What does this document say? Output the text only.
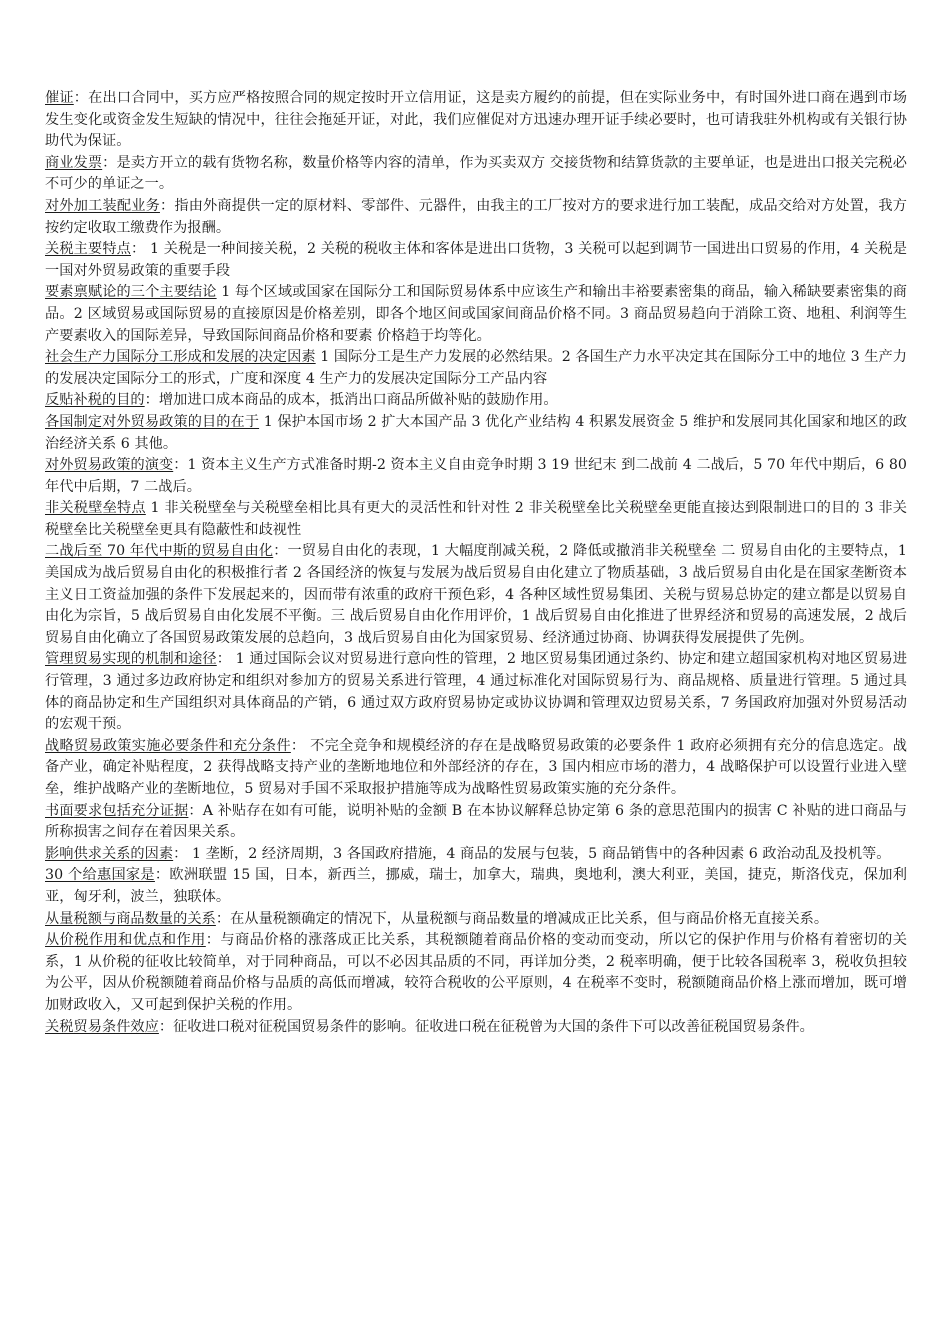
催证：在出口合同中，买方应严格按照合同的规定按时开立信用证，这是卖方履约的前提，但在实际业务中，有时国外进口商在遇到市场发生变化或资金发生短缺的情况中，往往会拖延开证，对此，我们应催促对方迅速办理开证手续必要时，也可请我驻外机构或有关银行协助代为保证。

商业发票：是卖方开立的载有货物名称，数量价格等内容的清单，作为买卖双方 交接货物和结算货款的主要单证，也是进出口报关完税必不可少的单证之一。

对外加工装配业务：指由外商提供一定的原材料、零部件、元器件，由我主的工厂按对方的要求进行加工装配，成品交给对方处置，我方按约定收取工缴费作为报酬。

关税主要特点： 1 关税是一种间接关税，2 关税的税收主体和客体是进出口货物，3 关税可以起到调节一国进出口贸易的作用，4 关税是一国对外贸易政策的重要手段

要素禀赋论的三个主要结论 1 每个区域或国家在国际分工和国际贸易体系中应该生产和输出丰裕要素密集的商品，输入稀缺要素密集的商品。2 区域贸易或国际贸易的直接原因是价格差别，即各个地区间或国家间商品价格不同。3 商品贸易趋向于消除工资、地租、利润等生产要素收入的国际差异，导致国际间商品价格和要素 价格趋于均等化。

社会生产力国际分工形成和发展的决定因素 1 国际分工是生产力发展的必然结果。2 各国生产力水平决定其在国际分工中的地位 3 生产力的发展决定国际分工的形式，广度和深度 4 生产力的发展决定国际分工产品内容

反贴补税的目的：增加进口成本商品的成本，抵消出口商品所做补贴的鼓励作用。

各国制定对外贸易政策的目的在于 1 保护本国市场 2 扩大本国产品 3 优化产业结构 4 积累发展资金 5 维护和发展同其化国家和地区的政治经济关系 6 其他。

对外贸易政策的演变：1 资本主义生产方式准备时期-2 资本主义自由竞争时期 3 19 世纪末 到二战前 4 二战后，5 70 年代中期后，6 80 年代中后期，7 二战后。

非关税壁垒特点 1 非关税壁垒与关税壁垒相比具有更大的灵活性和针对性 2 非关税壁垒比关税壁垒更能直接达到限制进口的目的 3 非关税壁垒比关税壁垒更具有隐蔽性和歧视性

二战后至 70 年代中斯的贸易自由化：一贸易自由化的表现，1 大幅度削减关税，2 降低或撤消非关税壁垒 二 贸易自由化的主要特点，1 美国成为战后贸易自由化的积极推行者 2 各国经济的恢复与发展为战后贸易自由化建立了物质基础，3 战后贸易自由化是在国家垄断资本主义日工资益加强的条件下发展起来的，因而带有浓重的政府干预色彩，4 各种区域性贸易集团、关税与贸易总协定的建立都是以贸易自由化为宗旨，5 战后贸易自由化发展不平衡。三 战后贸易自由化作用评价，1 战后贸易自由化推进了世界经济和贸易的高速发展，2 战后贸易自由化确立了各国贸易政策发展的总趋向，3 战后贸易自由化为国家贸易、经济通过协商、协调获得发展提供了先例。

管理贸易实现的机制和途径： 1 通过国际会议对贸易进行意向性的管理，2 地区贸易集团通过条约、协定和建立超国家机构对地区贸易进行管理，3 通过多边政府协定和组织对参加方的贸易关系进行管理，4 通过标准化对国际贸易行为、商品规格、质量进行管理。5 通过具体的商品协定和生产国组织对具体商品的产销，6 通过双方政府贸易协定或协议协调和管理双边贸易关系，7 务国政府加强对外贸易活动的宏观干预。

战略贸易政策实施必要条件和充分条件： 不完全竞争和规模经济的存在是战略贸易政策的必要条件 1 政府必须拥有充分的信息选定。战备产业，确定补贴程度，2 获得战略支持产业的垄断地地位和外部经济的存在，3 国内相应市场的潜力，4 战略保护可以设置行业进入壁垒，维护战略产业的垄断地位，5 贸易对手国不采取报护措施等成为战略性贸易政策实施的充分条件。

书面要求包括充分证据：A 补贴存在如有可能，说明补贴的金额 B 在本协议解释总协定第 6 条的意思范围内的损害 C 补贴的进口商品与所称损害之间存在着因果关系。

影响供求关系的因素： 1 垄断，2 经济周期，3 各国政府措施，4 商品的发展与包装，5 商品销售中的各种因素 6 政治动乱及投机等。

30 个给惠国家是：欧洲联盟 15 国，日本，新西兰，挪威，瑞士，加拿大，瑞典，奥地利，澳大利亚，美国，捷克，斯洛伐克，保加利亚，匈牙利，波兰，独联体。

从量税额与商品数量的关系：在从量税额确定的情况下，从量税额与商品数量的增减成正比关系，但与商品价格无直接关系。

从价税作用和优点和作用：与商品价格的涨落成正比关系，其税额随着商品价格的变动而变动，所以它的保护作用与价格有着密切的关系，1 从价税的征收比较简单，对于同种商品，可以不必因其品质的不同，再详加分类，2 税率明确，便于比较各国税率 3，税收负担较为公平，因从价税额随着商品价格与品质的高低而增减，较符合税收的公平原则，4 在税率不变时，税额随商品价格上涨而增加，既可增加财政收入，又可起到保护关税的作用。

关税贸易条件效应：征收进口税对征税国贸易条件的影响。征收进口税在征税曾为大国的条件下可以改善征税国贸易条件。
